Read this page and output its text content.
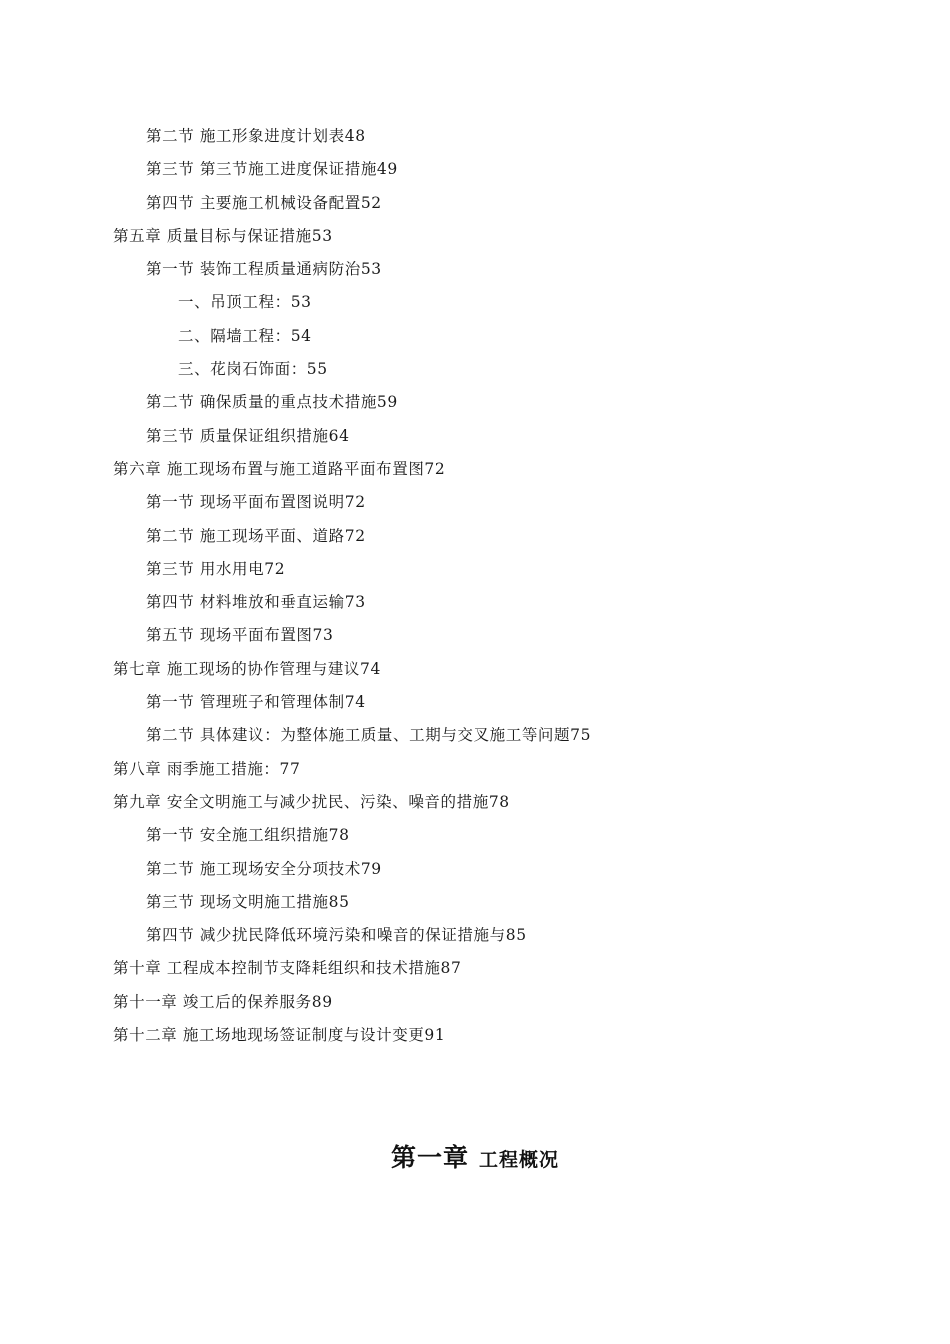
第二节 施工形象进度计划表48
第三节 第三节施工进度保证措施49
第四节 主要施工机械设备配置52
第五章 质量目标与保证措施53
第一节 装饰工程质量通病防治53
一、吊顶工程：53
二、隔墙工程：54
三、花岗石饰面：55
第二节 确保质量的重点技术措施59
第三节 质量保证组织措施64
第六章 施工现场布置与施工道路平面布置图72
第一节 现场平面布置图说明72
第二节 施工现场平面、道路72
第三节 用水用电72
第四节 材料堆放和垂直运输73
第五节 现场平面布置图73
第七章 施工现场的协作管理与建议74
第一节 管理班子和管理体制74
第二节 具体建议：为整体施工质量、工期与交叉施工等问题75
第八章 雨季施工措施：77
第九章 安全文明施工与减少扰民、污染、噪音的措施78
第一节 安全施工组织措施78
第二节 施工现场安全分项技术79
第三节 现场文明施工措施85
第四节 减少扰民降低环境污染和噪音的保证措施与85
第十章 工程成本控制节支降耗组织和技术措施87
第十一章 竣工后的保养服务89
第十二章 施工场地现场签证制度与设计变更91
第一章 工程概况
